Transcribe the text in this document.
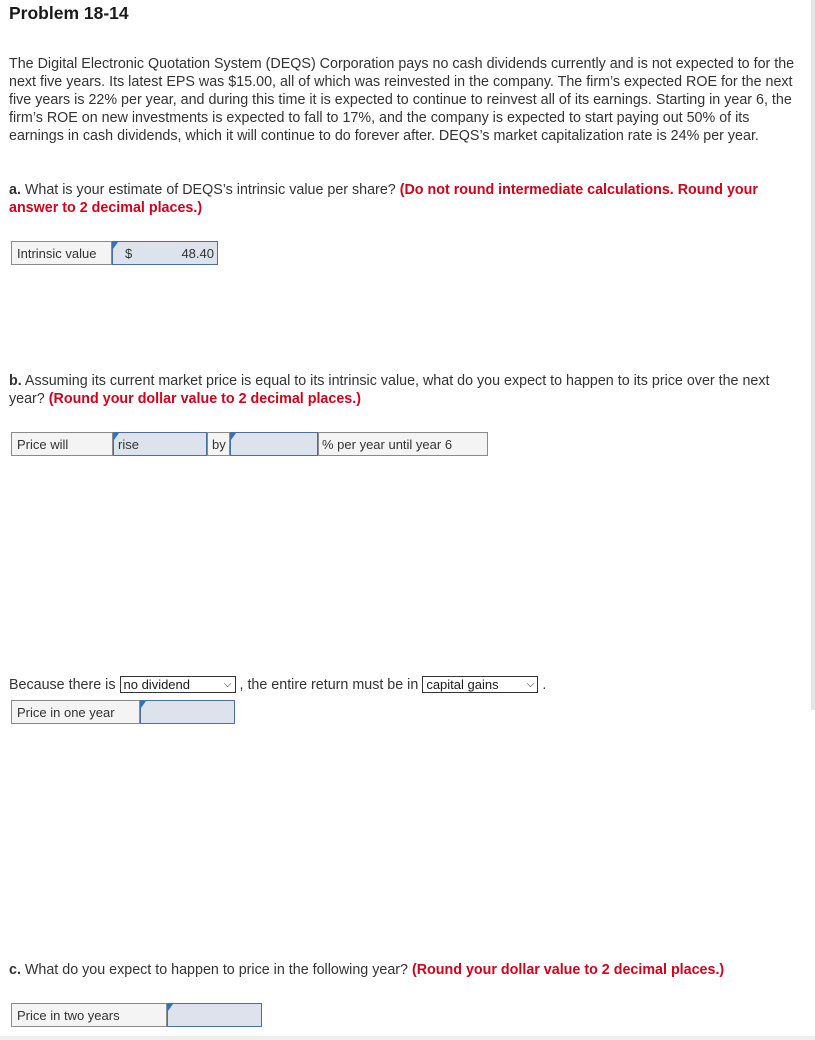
Problem 18-14
The Digital Electronic Quotation System (DEQS) Corporation pays no cash dividends currently and is not expected to for the next five years. Its latest EPS was $15.00, all of which was reinvested in the company. The firm’s expected ROE for the next five years is 22% per year, and during this time it is expected to continue to reinvest all of its earnings. Starting in year 6, the firm’s ROE on new investments is expected to fall to 17%, and the company is expected to start paying out 50% of its earnings in cash dividends, which it will continue to do forever after. DEQS’s market capitalization rate is 24% per year.
a. What is your estimate of DEQS’s intrinsic value per share? (Do not round intermediate calculations. Round your answer to 2 decimal places.)
Intrinsic value	$	48.40
b. Assuming its current market price is equal to its intrinsic value, what do you expect to happen to its price over the next year? (Round your dollar value to 2 decimal places.)
Price will	rise	by	% per year until year 6
Because there is no dividend	⌵ , the entire return must be in capital gains	⌵ .
Price in one year
c. What do you expect to happen to price in the following year? (Round your dollar value to 2 decimal places.)
Price in two years
